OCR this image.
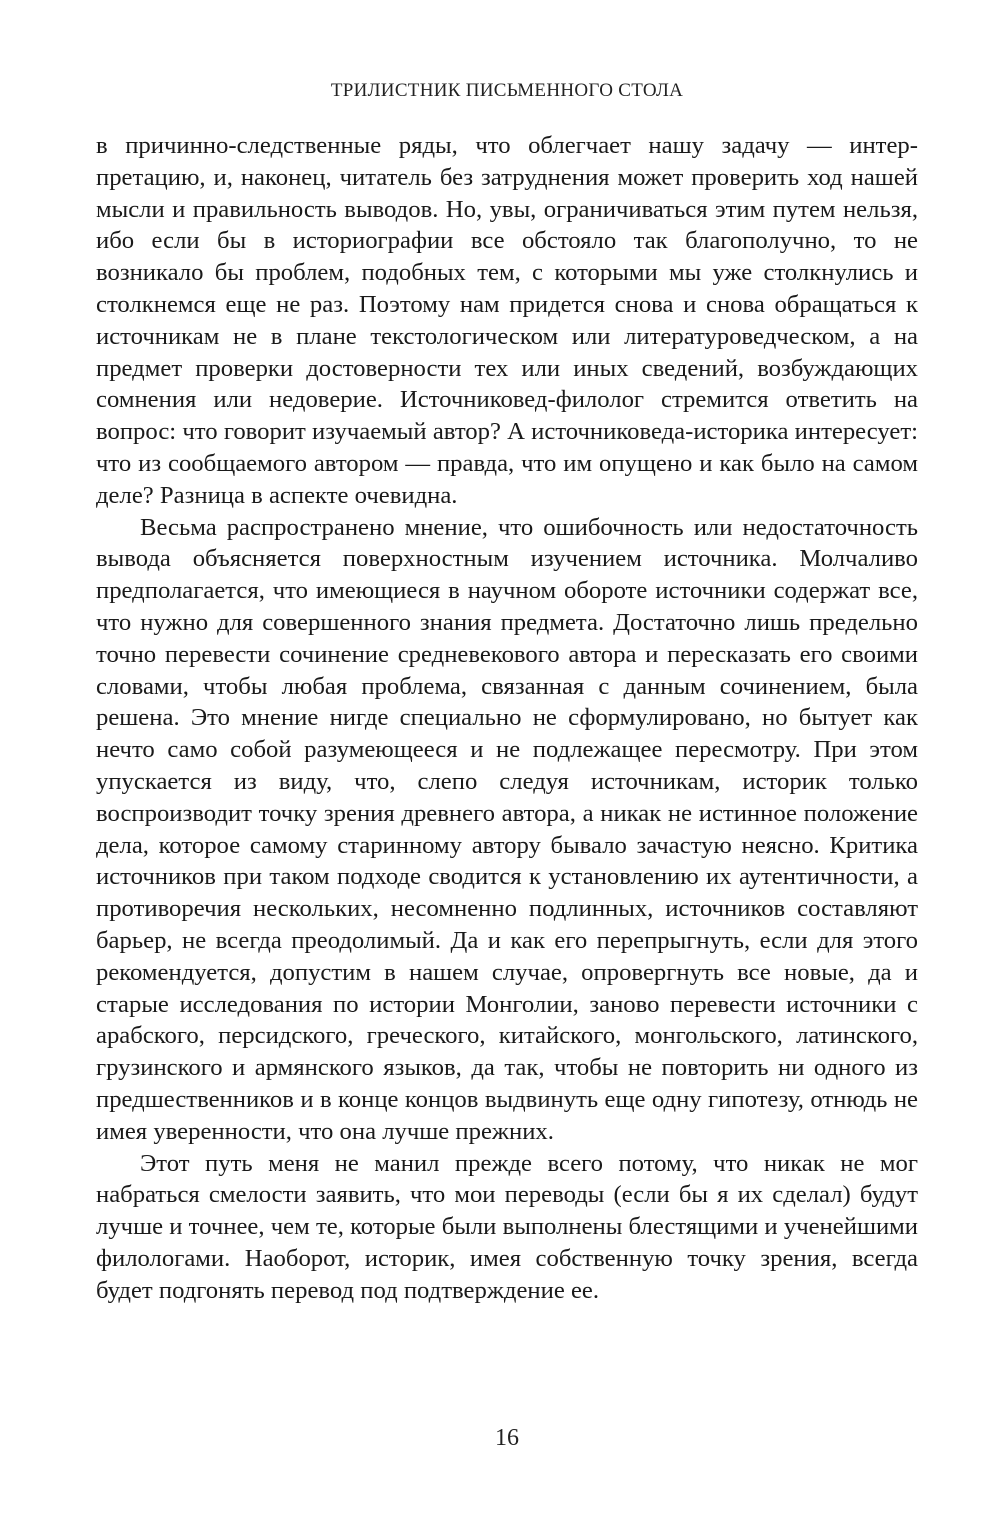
ТРИЛИСТНИК ПИСЬМЕННОГО СТОЛА

в причинно-следственные ряды, что облегчает нашу задачу — интерпретацию, и, наконец, читатель без затруднения может проверить ход нашей мысли и правильность выводов. Но, увы, ограничиваться этим путем нельзя, ибо если бы в историографии все обстояло так благополучно, то не возникало бы проблем, подобных тем, с которыми мы уже столкнулись и столкнемся еще не раз. Поэтому нам придется снова и снова обращаться к источникам не в плане текстологическом или литературоведческом, а на предмет проверки достоверности тех или иных сведений, возбуждающих сомнения или недоверие. Источниковед-филолог стремится ответить на вопрос: что говорит изучаемый автор? А источниковеда-историка интересует: что из сообщаемого автором — правда, что им опущено и как было на самом деле? Разница в аспекте очевидна.

Весьма распространено мнение, что ошибочность или недостаточность вывода объясняется поверхностным изучением источника. Молчаливо предполагается, что имеющиеся в научном обороте источники содержат все, что нужно для совершенного знания предмета. Достаточно лишь предельно точно перевести сочинение средневекового автора и пересказать его своими словами, чтобы любая проблема, связанная с данным сочинением, была решена. Это мнение нигде специально не сформулировано, но бытует как нечто само собой разумеющееся и не подлежащее пересмотру. При этом упускается из виду, что, слепо следуя источникам, историк только воспроизводит точку зрения древнего автора, а никак не истинное положение дела, которое самому старинному автору бывало зачастую неясно. Критика источников при таком подходе сводится к установлению их аутентичности, а противоречия нескольких, несомненно подлинных, источников составляют барьер, не всегда преодолимый. Да и как его перепрыгнуть, если для этого рекомендуется, допустим в нашем случае, опровергнуть все новые, да и старые исследования по истории Монголии, заново перевести источники с арабского, персидского, греческого, китайского, монгольского, латинского, грузинского и армянского языков, да так, чтобы не повторить ни одного из предшественников и в конце концов выдвинуть еще одну гипотезу, отнюдь не имея уверенности, что она лучше прежних.

Этот путь меня не манил прежде всего потому, что никак не мог набраться смелости заявить, что мои переводы (если бы я их сделал) будут лучше и точнее, чем те, которые были выполнены блестящими и ученейшими филологами. Наоборот, историк, имея собственную точку зрения, всегда будет подгонять перевод под подтверждение ее.

16
